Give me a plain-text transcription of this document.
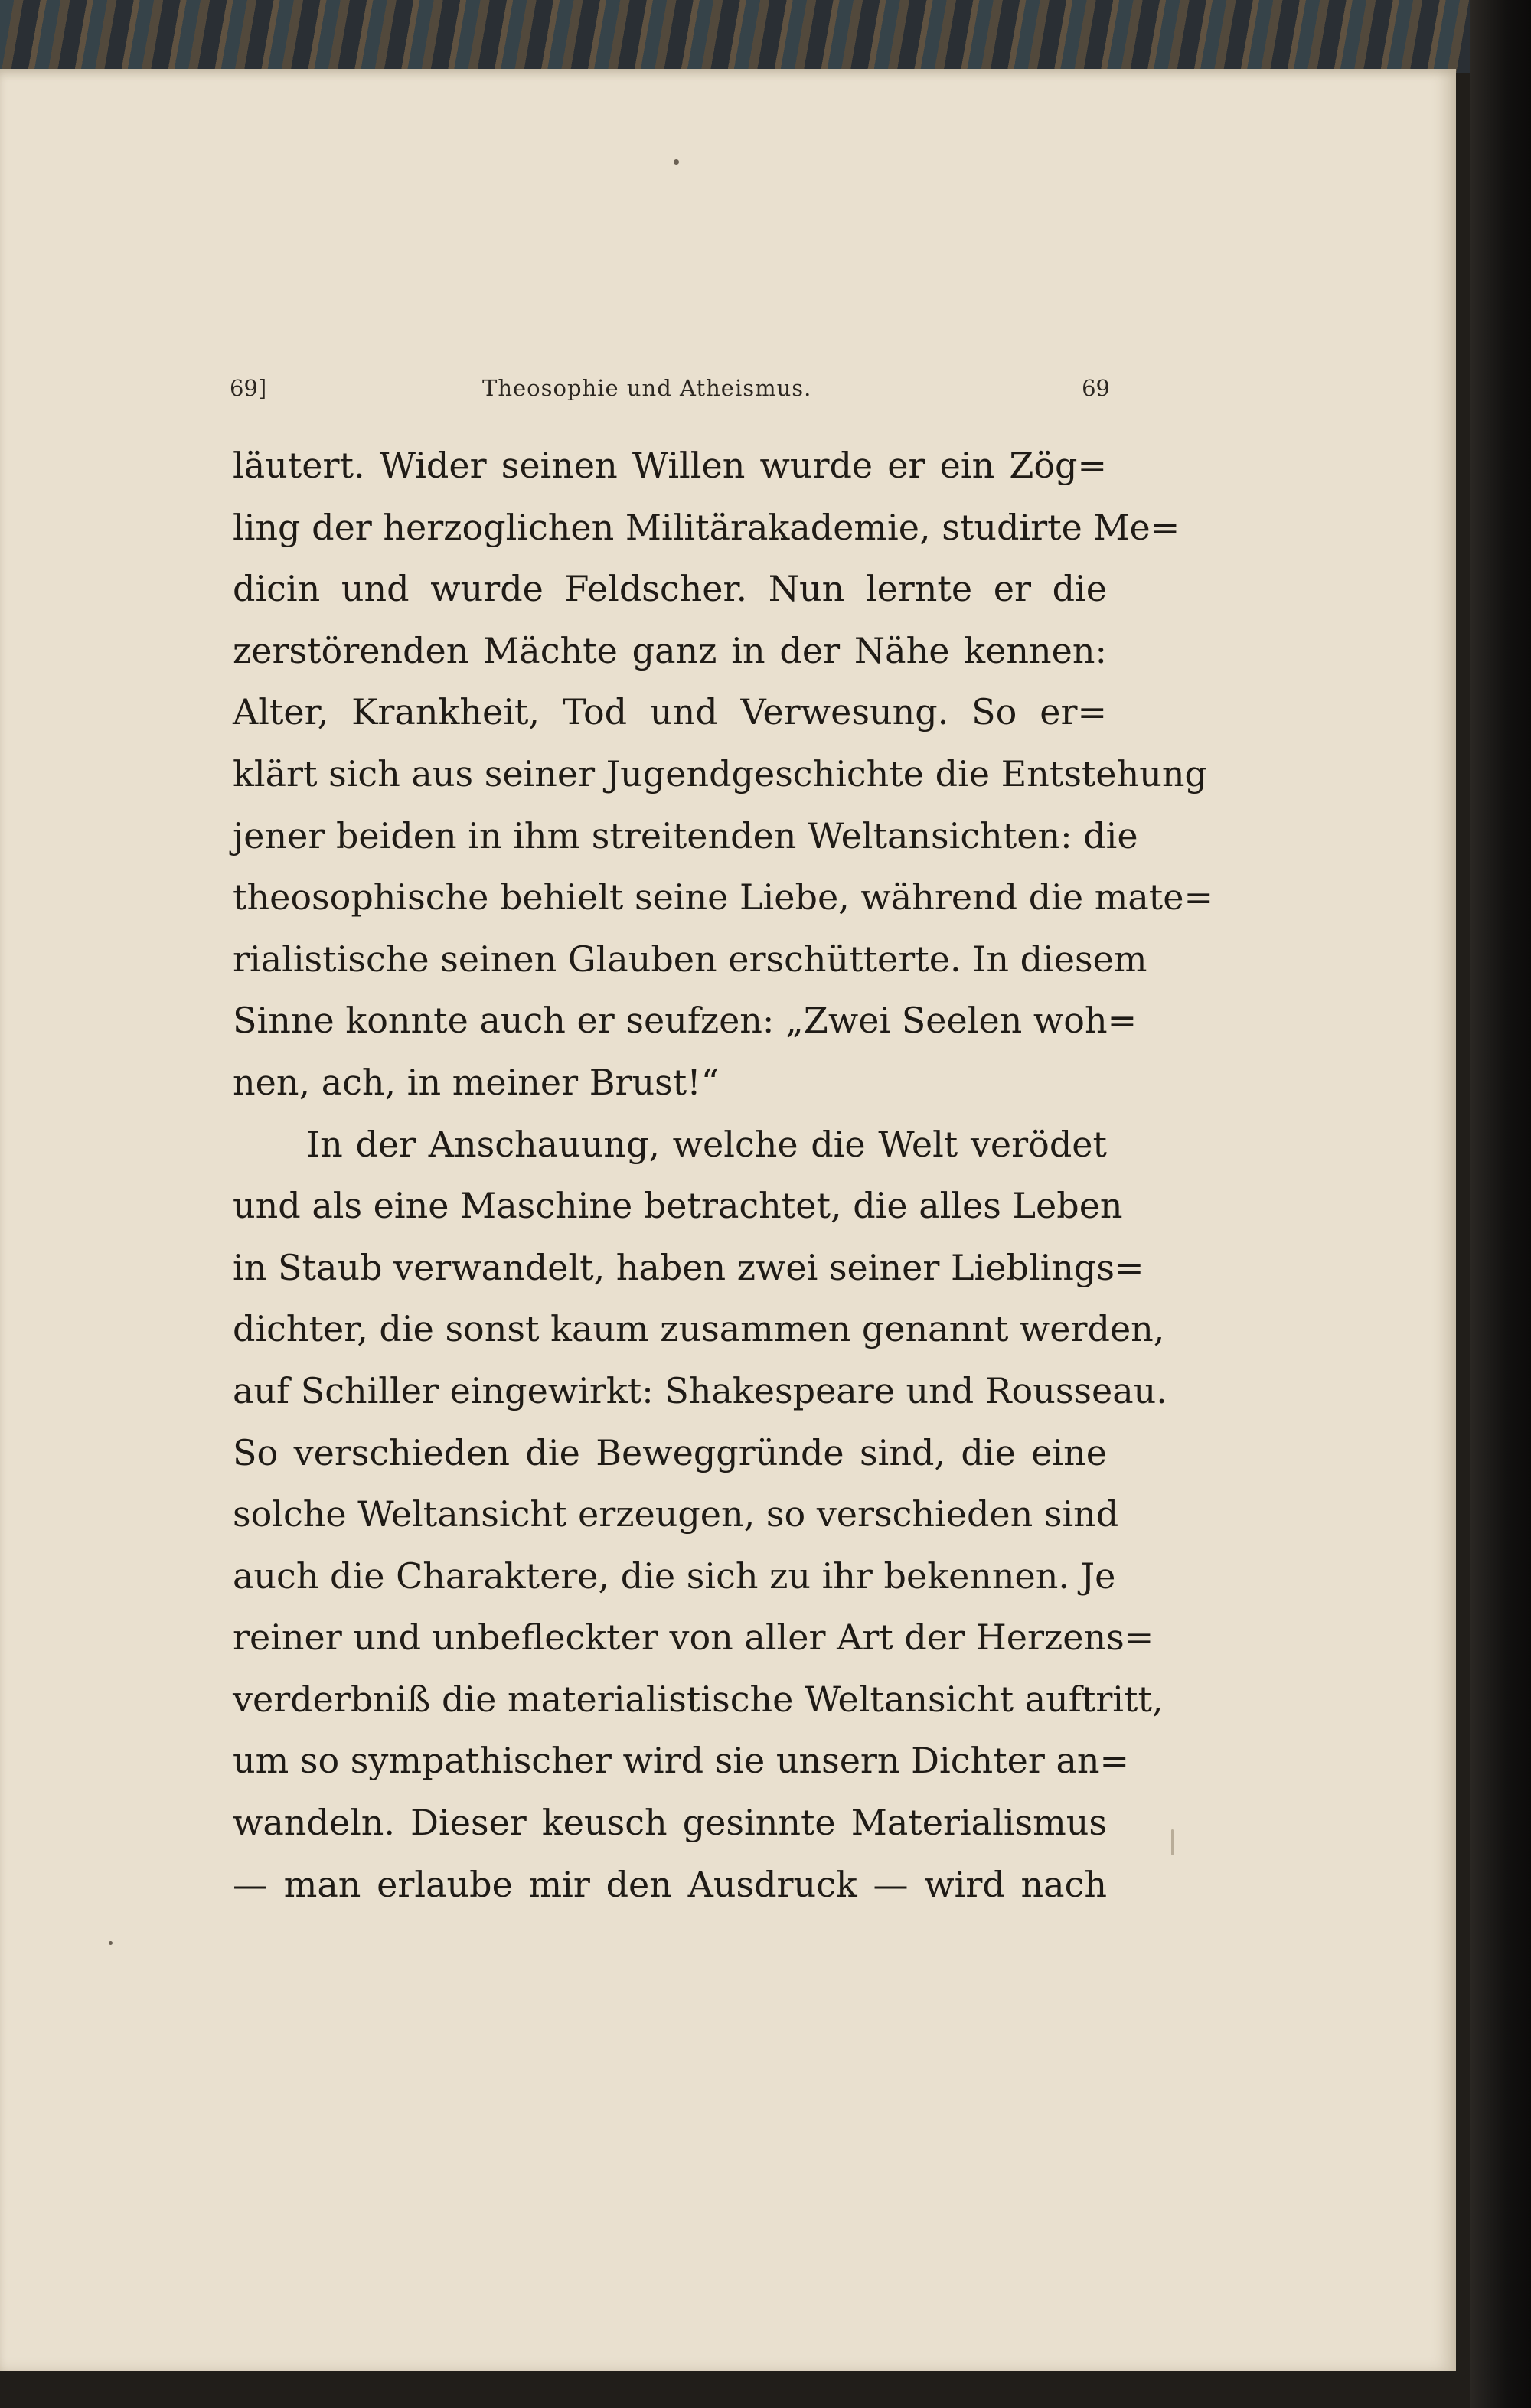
69]	Theosophie und Atheismus.	69
läutert. Wider seinen Willen wurde er ein Zög=
ling der herzoglichen Militärakademie, studirte Me=
dicin und wurde Feldscher. Nun lernte er die
zerstörenden Mächte ganz in der Nähe kennen:
Alter, Krankheit, Tod und Verwesung. So er=
klärt sich aus seiner Jugendgeschichte die Entstehung
jener beiden in ihm streitenden Weltansichten: die
theosophische behielt seine Liebe, während die mate=
rialistische seinen Glauben erschütterte. In diesem
Sinne konnte auch er seufzen: „Zwei Seelen woh=
nen, ach, in meiner Brust!“
In der Anschauung, welche die Welt verödet
und als eine Maschine betrachtet, die alles Leben
in Staub verwandelt, haben zwei seiner Lieblings=
dichter, die sonst kaum zusammen genannt werden,
auf Schiller eingewirkt: Shakespeare und Rousseau.
So verschieden die Beweggründe sind, die eine
solche Weltansicht erzeugen, so verschieden sind
auch die Charaktere, die sich zu ihr bekennen. Je
reiner und unbefleckter von aller Art der Herzens=
verderbniß die materialistische Weltansicht auftritt,
um so sympathischer wird sie unsern Dichter an=
wandeln. Dieser keusch gesinnte Materialismus
— man erlaube mir den Ausdruck — wird nach
